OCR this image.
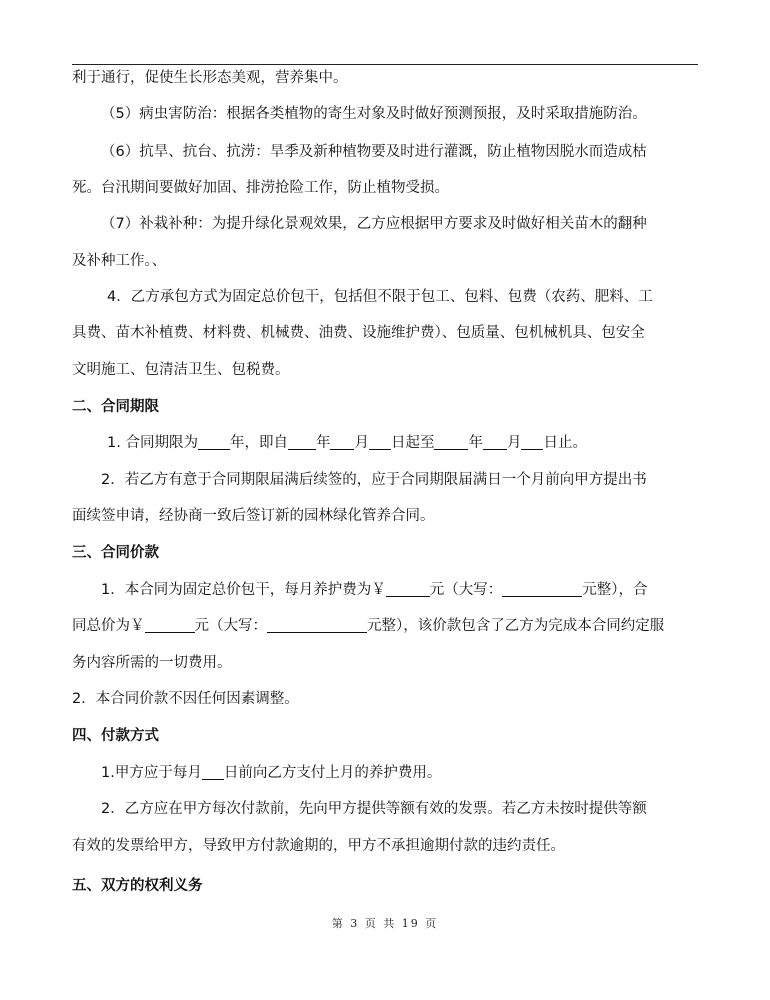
利于通行，促使生长形态美观，营养集中。

（5）病虫害防治：根据各类植物的寄生对象及时做好预测预报，及时采取措施防治。

（6）抗旱、抗台、抗涝：旱季及新种植物要及时进行灌溉，防止植物因脱水而造成枯

死。台汛期间要做好加固、排涝抢险工作，防止植物受损。

（7）补栽补种：为提升绿化景观效果，乙方应根据甲方要求及时做好相关苗木的翻种

及补种工作。、

4．乙方承包方式为固定总价包干，包括但不限于包工、包料、包费（农药、肥料、工

具费、苗木补植费、材料费、机械费、油费、设施维护费）、包质量、包机械机具、包安全

文明施工、包清洁卫生、包税费。

二、合同期限

1. 合同期限为 年，即自 年 月 日起至 年 月 日止。

2．若乙方有意于合同期限届满后续签的，应于合同期限届满日一个月前向甲方提出书

面续签申请，经协商一致后签订新的园林绿化管养合同。

三、合同价款

1．本合同为固定总价包干，每月养护费为￥	元（大写：	元整），合

同总价为￥	元（大写：	元整），该价款包含了乙方为完成本合同约定服

务内容所需的一切费用。

2．本合同价款不因任何因素调整。

四、付款方式

1.甲方应于每月 日前向乙方支付上月的养护费用。

2．乙方应在甲方每次付款前，先向甲方提供等额有效的发票。若乙方未按时提供等额

有效的发票给甲方，导致甲方付款逾期的，甲方不承担逾期付款的违约责任。

五、双方的权利义务

第 3 页 共 19 页
